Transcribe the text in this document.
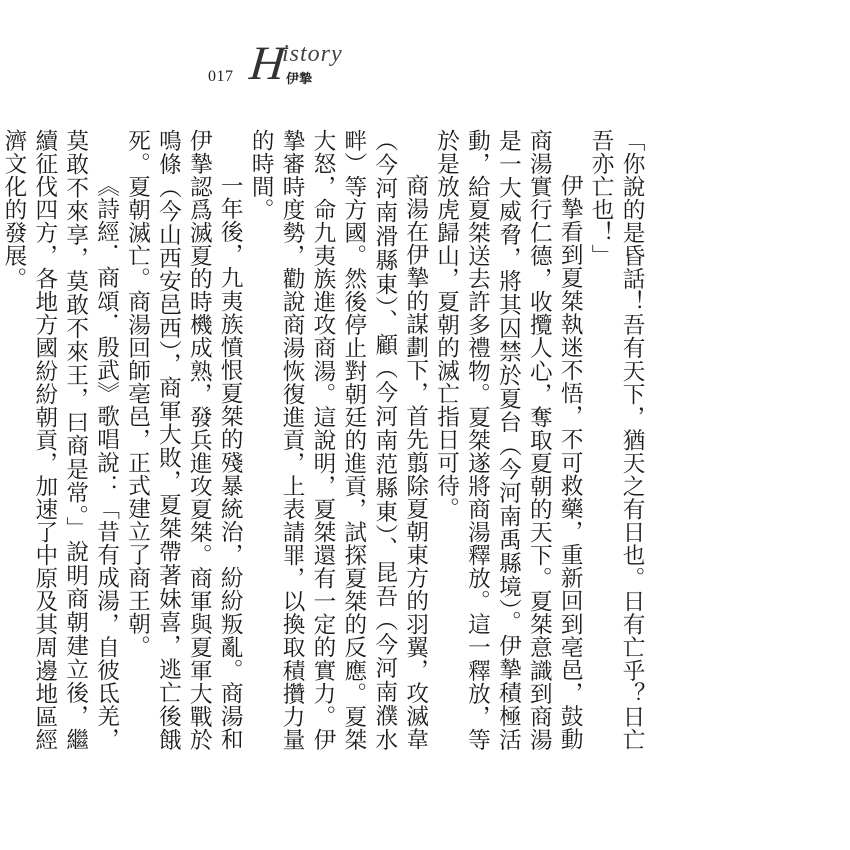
017 H
istory
伊摯

「你說的是昏話！吾有天下，猶天之有日也。日有亡乎？日亡吾亦亡也！」

伊摯看到夏桀執迷不悟，不可救藥，重新回到亳邑，鼓動商湯實行仁德，收攬人心，奪取夏朝的天下。夏桀意識到商湯是一大威脅，將其囚禁於夏台（今河南禹縣境）。伊摯積極活動，給夏桀送去許多禮物。夏桀遂將商湯釋放。這一釋放，等於是放虎歸山，夏朝的滅亡指日可待。

商湯在伊摯的謀劃下，首先翦除夏朝東方的羽翼，攻滅韋（今河南滑縣東）、顧（今河南范縣東）、昆吾（今河南濮水畔）等方國。然後停止對朝廷的進貢，試探夏桀的反應。夏桀大怒，命九夷族進攻商湯。這說明，夏桀還有一定的實力。伊摯審時度勢，勸說商湯恢復進貢，上表請罪，以換取積攢力量的時間。

一年後，九夷族憤恨夏桀的殘暴統治，紛紛叛亂。商湯和伊摯認爲滅夏的時機成熟，發兵進攻夏桀。商軍與夏軍大戰於鳴條（今山西安邑西），商軍大敗，夏桀帶著妹喜，逃亡後餓死。夏朝滅亡。商湯回師亳邑，正式建立了商王朝。

《詩經．商頌．殷武》歌唱說：「昔有成湯，自彼氐羌，莫敢不來享，莫敢不來王，曰商是常。」說明商朝建立後，繼續征伐四方，各地方國紛紛朝貢，加速了中原及其周邊地區經濟文化的發展。
